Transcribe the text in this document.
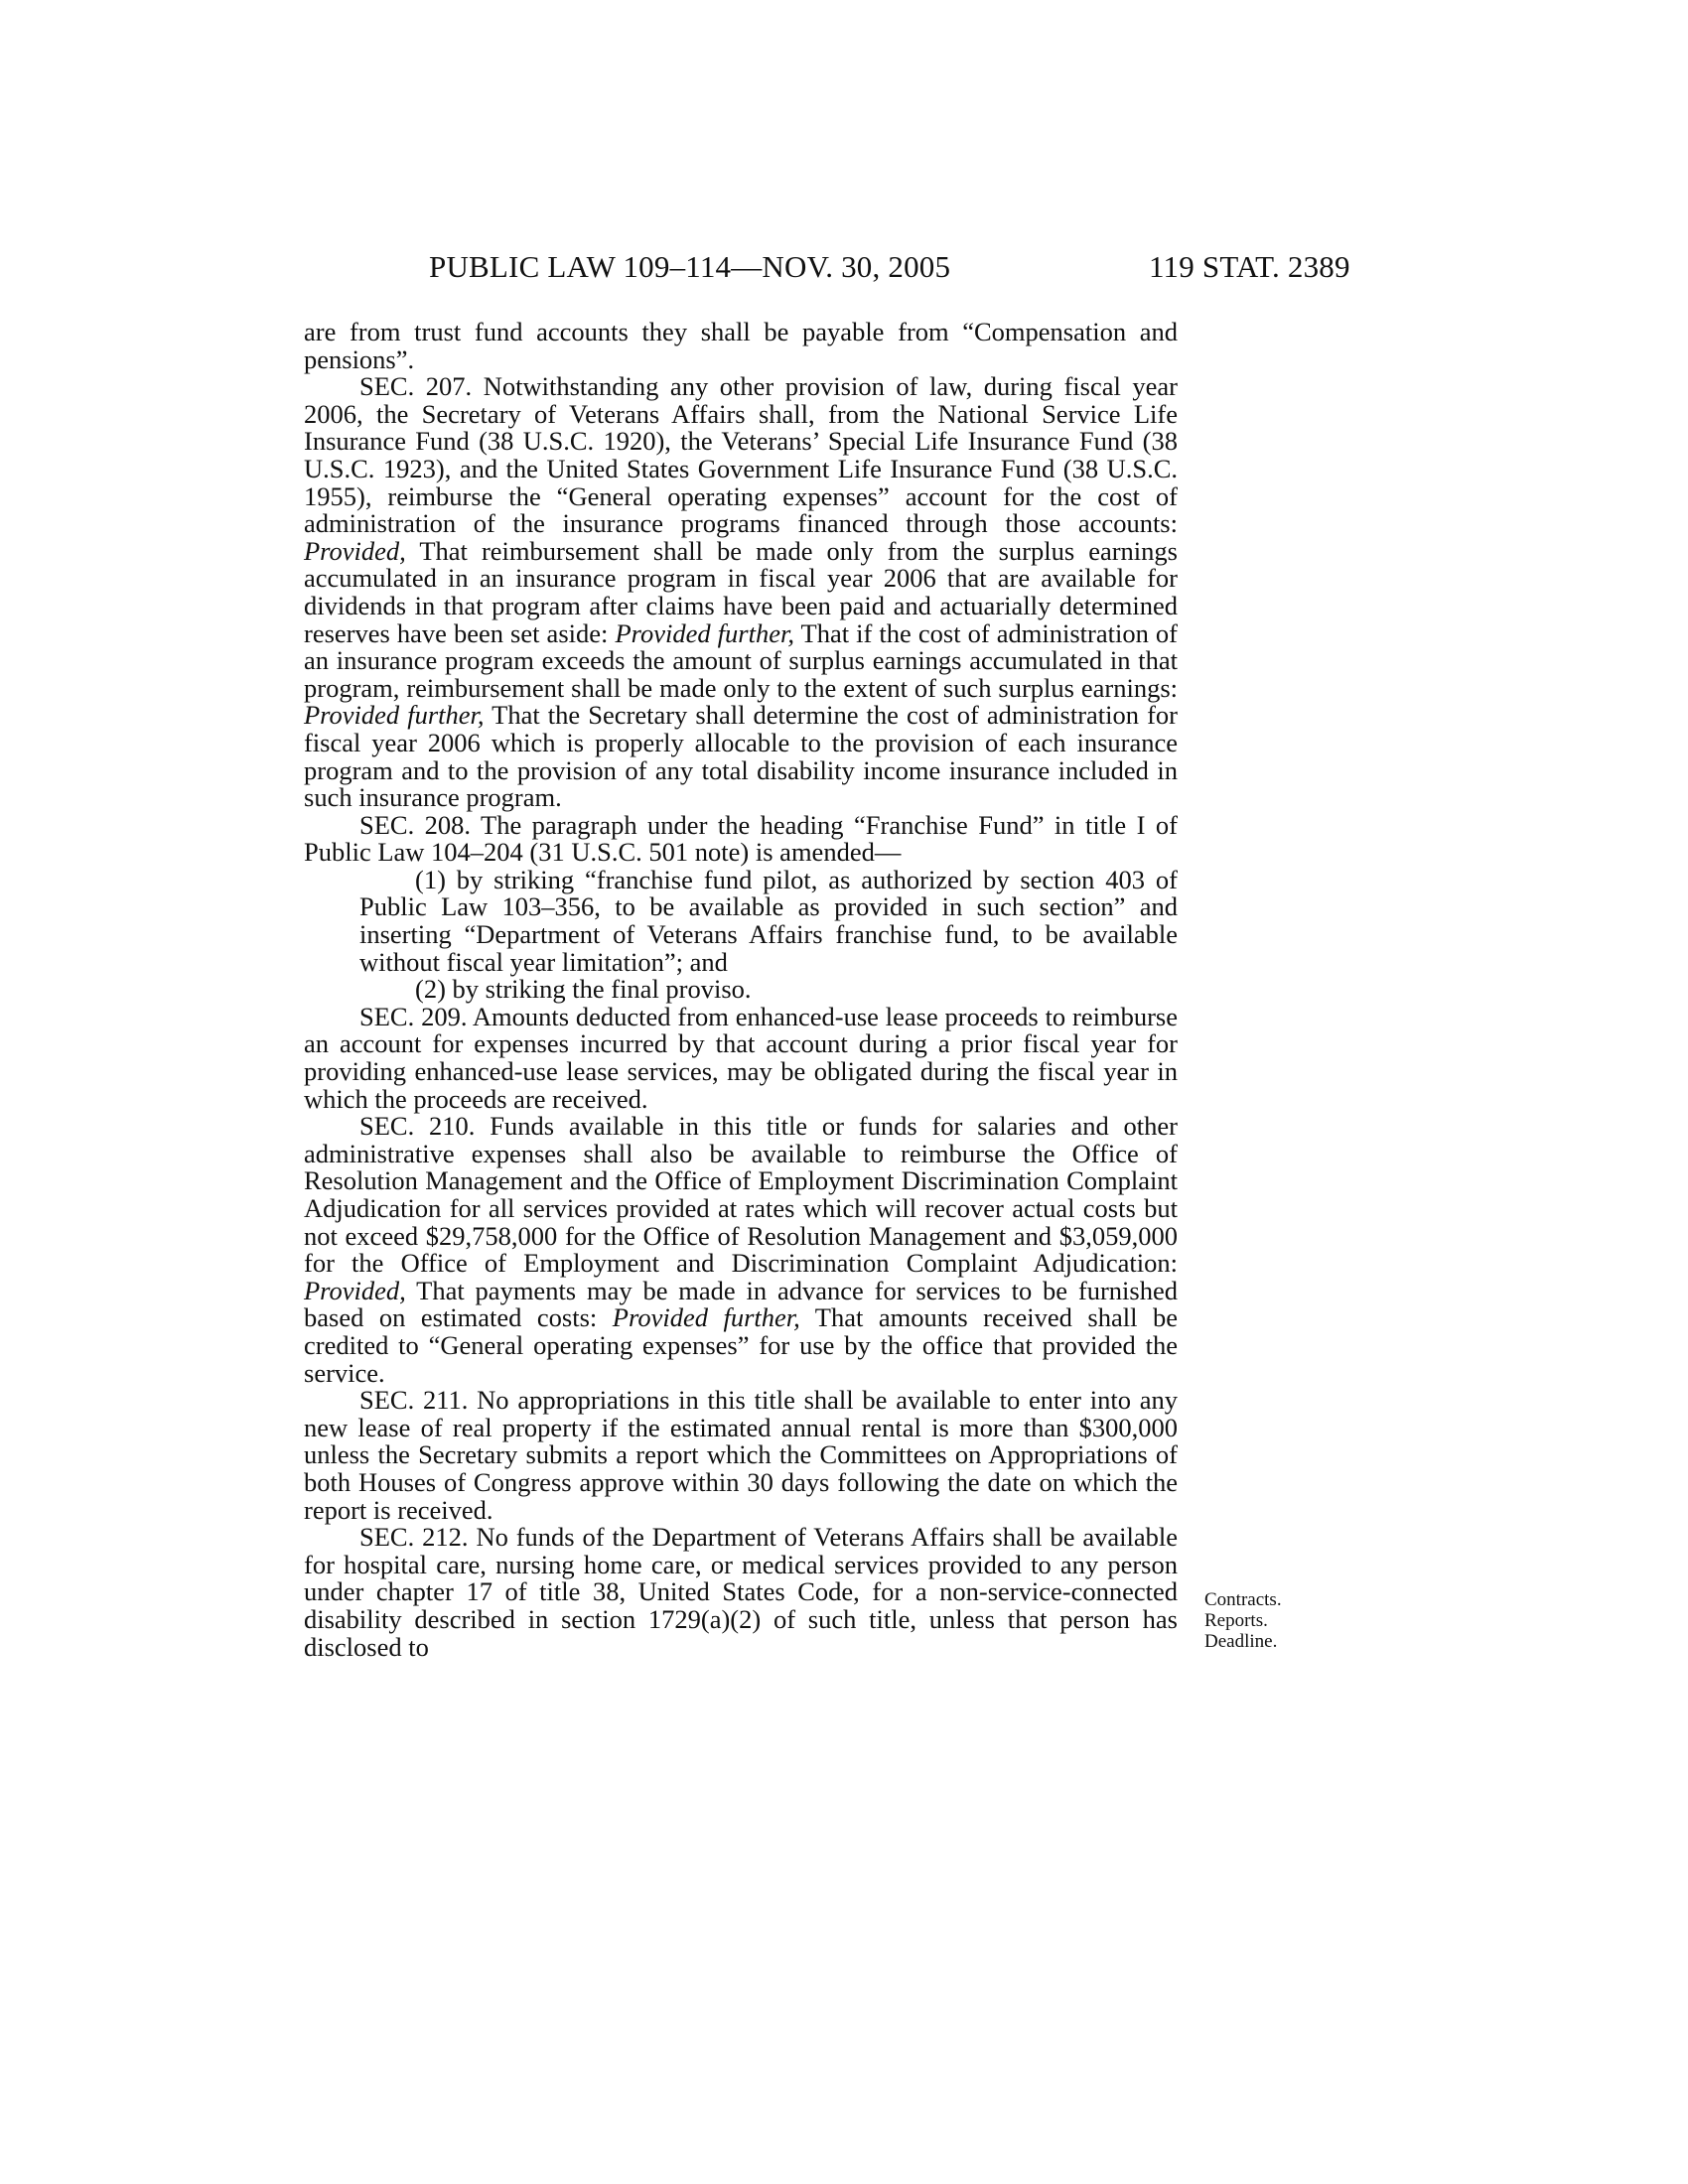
PUBLIC LAW 109–114—NOV. 30, 2005	119 STAT. 2389

are from trust fund accounts they shall be payable from “Compensation and pensions”.

SEC. 207. Notwithstanding any other provision of law, during fiscal year 2006, the Secretary of Veterans Affairs shall, from the National Service Life Insurance Fund (38 U.S.C. 1920), the Veterans’ Special Life Insurance Fund (38 U.S.C. 1923), and the United States Government Life Insurance Fund (38 U.S.C. 1955), reimburse the “General operating expenses” account for the cost of administration of the insurance programs financed through those accounts: Provided, That reimbursement shall be made only from the surplus earnings accumulated in an insurance program in fiscal year 2006 that are available for dividends in that program after claims have been paid and actuarially determined reserves have been set aside: Provided further, That if the cost of administration of an insurance program exceeds the amount of surplus earnings accumulated in that program, reimbursement shall be made only to the extent of such surplus earnings: Provided further, That the Secretary shall determine the cost of administration for fiscal year 2006 which is properly allocable to the provision of each insurance program and to the provision of any total disability income insurance included in such insurance program.

SEC. 208. The paragraph under the heading “Franchise Fund” in title I of Public Law 104–204 (31 U.S.C. 501 note) is amended—

(1) by striking “franchise fund pilot, as authorized by section 403 of Public Law 103–356, to be available as provided in such section” and inserting “Department of Veterans Affairs franchise fund, to be available without fiscal year limitation”; and

(2) by striking the final proviso.

SEC. 209. Amounts deducted from enhanced-use lease proceeds to reimburse an account for expenses incurred by that account during a prior fiscal year for providing enhanced-use lease services, may be obligated during the fiscal year in which the proceeds are received.

SEC. 210. Funds available in this title or funds for salaries and other administrative expenses shall also be available to reimburse the Office of Resolution Management and the Office of Employment Discrimination Complaint Adjudication for all services provided at rates which will recover actual costs but not exceed $29,758,000 for the Office of Resolution Management and $3,059,000 for the Office of Employment and Discrimination Complaint Adjudication: Provided, That payments may be made in advance for services to be furnished based on estimated costs: Provided further, That amounts received shall be credited to “General operating expenses” for use by the office that provided the service.

SEC. 211. No appropriations in this title shall be available to enter into any new lease of real property if the estimated annual rental is more than $300,000 unless the Secretary submits a report which the Committees on Appropriations of both Houses of Congress approve within 30 days following the date on which the report is received.

SEC. 212. No funds of the Department of Veterans Affairs shall be available for hospital care, nursing home care, or medical services provided to any person under chapter 17 of title 38, United States Code, for a non-service-connected disability described in section 1729(a)(2) of such title, unless that person has disclosed to

Contracts.
Reports.
Deadline.
